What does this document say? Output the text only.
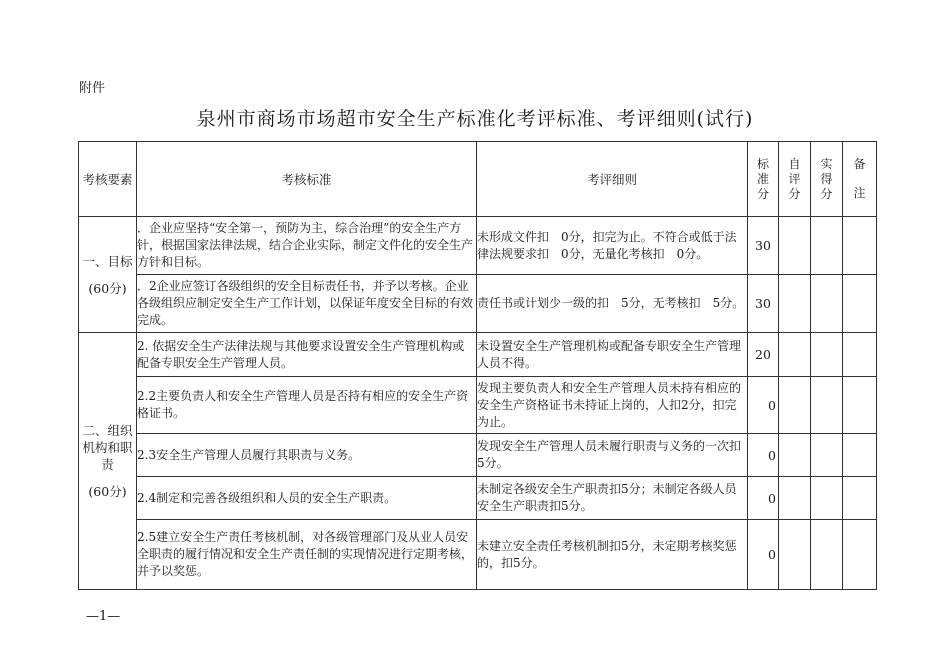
附件
泉州市商场市场超市安全生产标准化考评标准、考评细则(试行)
考核要素	考核标准	考评细则	标
准
分	自
评
分	实
得
分	备
注

一、目标
(60分)	．企业应坚持“安全第一，预防为主，综合治理”的安全生产方针，根据国家法律法规，结合企业实际，制定文件化的安全生产方针和目标。	未形成文件扣　0分，扣完为止。不符合或低于法律法规要求扣　0分，无量化考核扣　0分。	30			
	．2企业应签订各级组织的安全目标责任书，并予以考核。企业各级组织应制定安全生产工作计划，以保证年度安全目标的有效完成。	责任书或计划少一级的扣　5分，无考核扣　5分。	30			
二、组织机构和职责
(60分)	2. 依据安全生产法律法规与其他要求设置安全生产管理机构或配备专职安全生产管理人员。	未设置安全生产管理机构或配备专职安全生产管理人员不得。	20			
	2.2主要负责人和安全生产管理人员是否持有相应的安全生产资格证书。	发现主要负责人和安全生产管理人员未持有相应的安全生产资格证书未持证上岗的，人扣2分，扣完为止。	0			
	2.3安全生产管理人员履行其职责与义务。	发现安全生产管理人员未履行职责与义务的一次扣5分。	0			
	2.4制定和完善各级组织和人员的安全生产职责。	未制定各级安全生产职责扣5分；未制定各级人员安全生产职责扣5分。	0			
	2.5建立安全生产责任考核机制，对各级管理部门及从业人员安全职责的履行情况和安全生产责任制的实现情况进行定期考核，并予以奖惩。	未建立安全责任考核机制扣5分，未定期考核奖惩的，扣5分。	0			
—1—
